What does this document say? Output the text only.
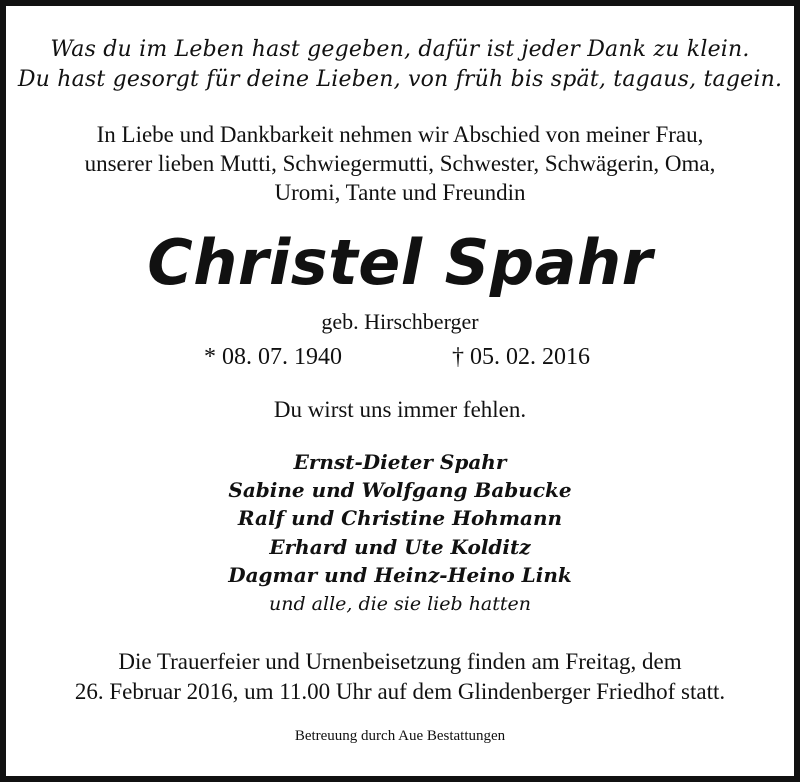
Was du im Leben hast gegeben, dafür ist jeder Dank zu klein.
Du hast gesorgt für deine Lieben, von früh bis spät, tagaus, tagein.
In Liebe und Dankbarkeit nehmen wir Abschied von meiner Frau,
unserer lieben Mutti, Schwiegermutti, Schwester, Schwägerin, Oma,
Uromi, Tante und Freundin
Christel Spahr
geb. Hirschberger
* 08. 07. 1940	† 05. 02. 2016
Du wirst uns immer fehlen.
Ernst-Dieter Spahr
Sabine und Wolfgang Babucke
Ralf und Christine Hohmann
Erhard und Ute Kolditz
Dagmar und Heinz-Heino Link
und alle, die sie lieb hatten
Die Trauerfeier und Urnenbeisetzung finden am Freitag, dem
26. Februar 2016, um 11.00 Uhr auf dem Glindenberger Friedhof statt.
Betreuung durch Aue Bestattungen
